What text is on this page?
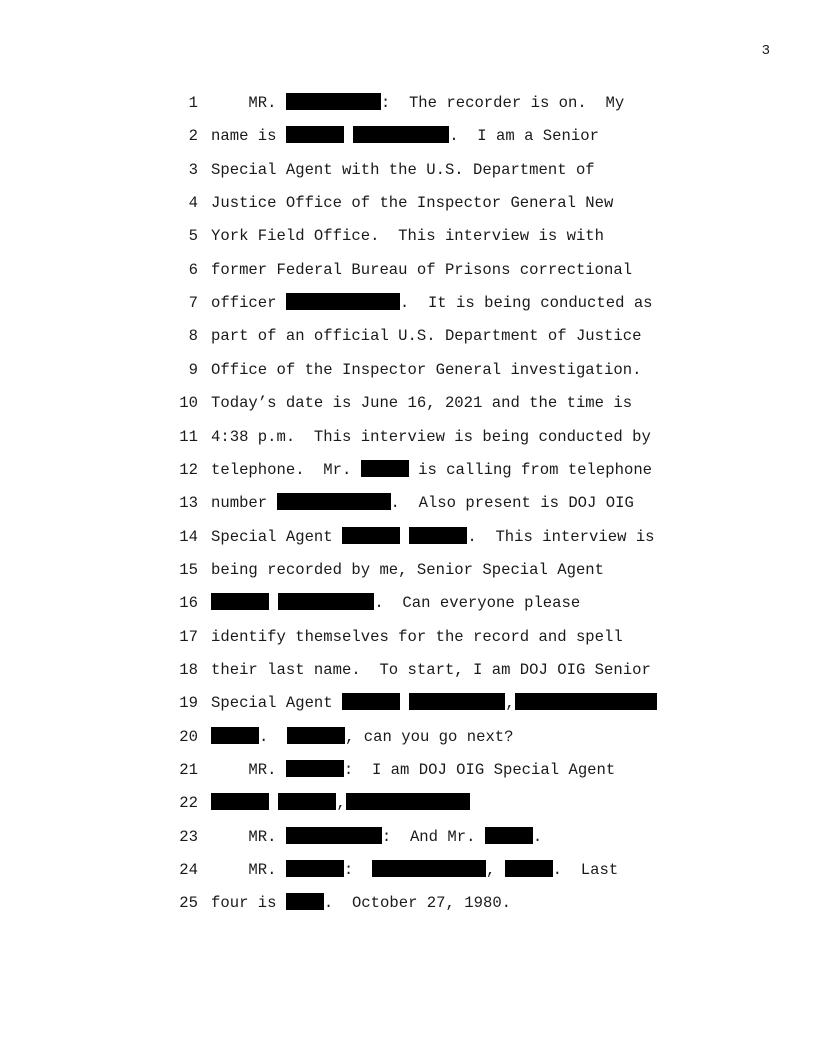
3
1 MR.	:  The recorder is on.  My
2 name is	.  I am a Senior
3 Special Agent with the U.S. Department of
4 Justice Office of the Inspector General New
5 York Field Office.  This interview is with
6 former Federal Bureau of Prisons correctional
7 officer	.  It is being conducted as
8 part of an official U.S. Department of Justice
9 Office of the Inspector General investigation.
10 Today’s date is June 16, 2021 and the time is
11 4:38 p.m.  This interview is being conducted by
12 telephone.  Mr.	is calling from telephone
13 number	.  Also present is DOJ OIG
14 Special Agent	.  This interview is
15 being recorded by me, Senior Special Agent
16	.  Can everyone please
17 identify themselves for the record and spell
18 their last name.  To start, I am DOJ OIG Senior
19 Special Agent	,
20	.	, can you go next?
21 MR.	:  I am DOJ OIG Special Agent
22	,
23 MR.	:  And Mr.	.
24 MR.	:	,	.  Last
25 four is .  October 27, 1980.
